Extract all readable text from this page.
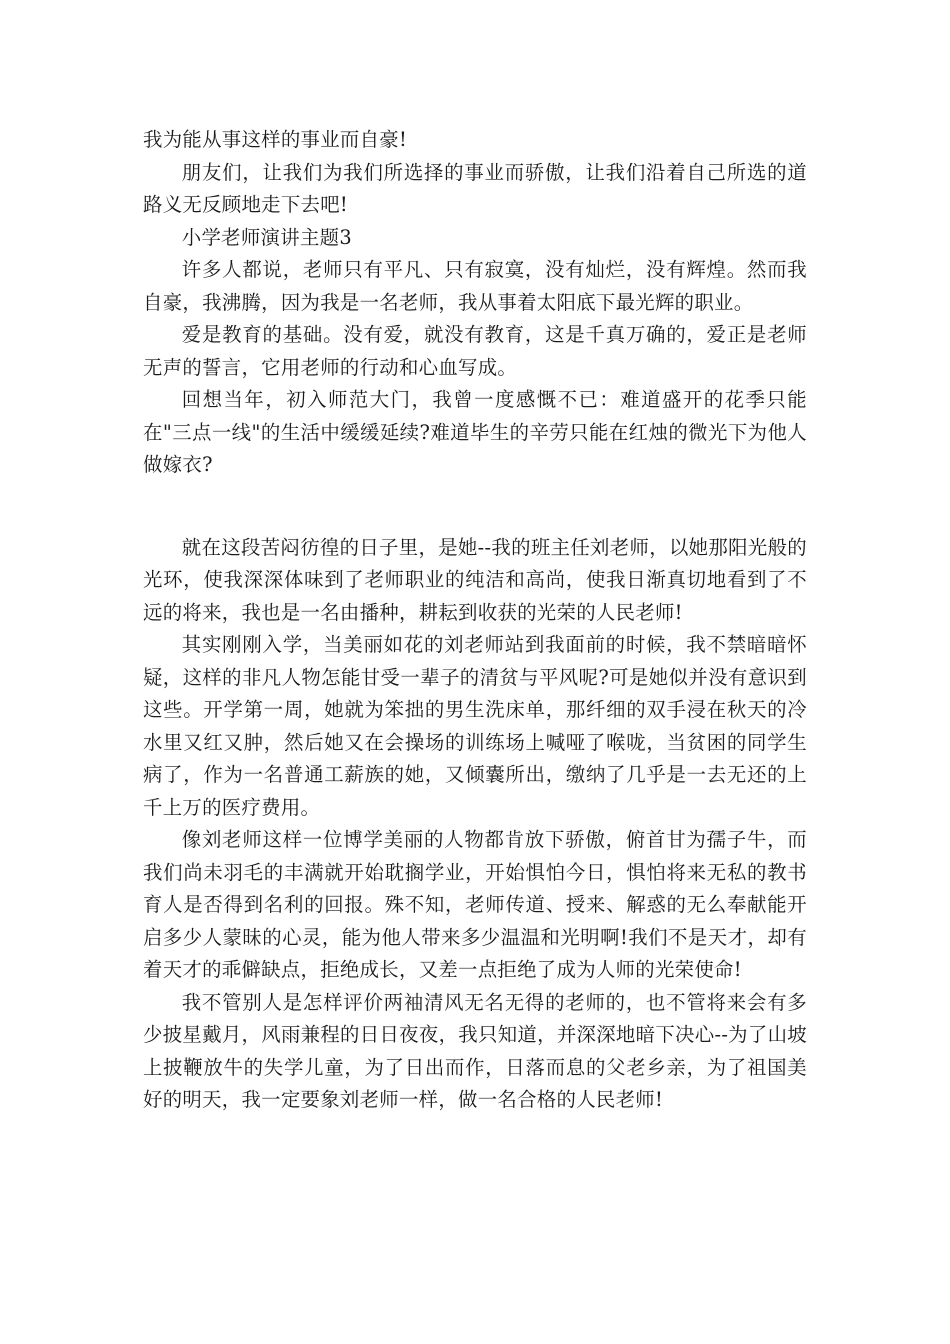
我为能从事这样的事业而自豪!

朋友们，让我们为我们所选择的事业而骄傲，让我们沿着自己所选的道路义无反顾地走下去吧!

小学老师演讲主题3

许多人都说，老师只有平凡、只有寂寞，没有灿烂，没有辉煌。然而我自豪，我沸腾，因为我是一名老师，我从事着太阳底下最光辉的职业。

爱是教育的基础。没有爱，就没有教育，这是千真万确的，爱正是老师无声的誓言，它用老师的行动和心血写成。

回想当年，初入师范大门，我曾一度感慨不已：难道盛开的花季只能在"三点一线"的生活中缓缓延续?难道毕生的辛劳只能在红烛的微光下为他人做嫁衣?

就在这段苦闷彷徨的日子里，是她--我的班主任刘老师，以她那阳光般的光环，使我深深体味到了老师职业的纯洁和高尚，使我日渐真切地看到了不远的将来，我也是一名由播种，耕耘到收获的光荣的人民老师!

其实刚刚入学，当美丽如花的刘老师站到我面前的时候，我不禁暗暗怀疑，这样的非凡人物怎能甘受一辈子的清贫与平风呢?可是她似并没有意识到这些。开学第一周，她就为笨拙的男生洗床单，那纤细的双手浸在秋天的冷水里又红又肿，然后她又在会操场的训练场上喊哑了喉咙，当贫困的同学生病了，作为一名普通工薪族的她，又倾囊所出，缴纳了几乎是一去无还的上千上万的医疗费用。

像刘老师这样一位博学美丽的人物都肯放下骄傲，俯首甘为孺子牛，而我们尚未羽毛的丰满就开始耽搁学业，开始惧怕今日，惧怕将来无私的教书育人是否得到名利的回报。殊不知，老师传道、授来、解惑的无么奉献能开启多少人蒙昧的心灵，能为他人带来多少温温和光明啊!我们不是天才，却有着天才的乖僻缺点，拒绝成长，又差一点拒绝了成为人师的光荣使命!

我不管别人是怎样评价两袖清风无名无得的老师的，也不管将来会有多少披星戴月，风雨兼程的日日夜夜，我只知道，并深深地暗下决心--为了山坡上披鞭放牛的失学儿童，为了日出而作，日落而息的父老乡亲，为了祖国美好的明天，我一定要象刘老师一样，做一名合格的人民老师!
